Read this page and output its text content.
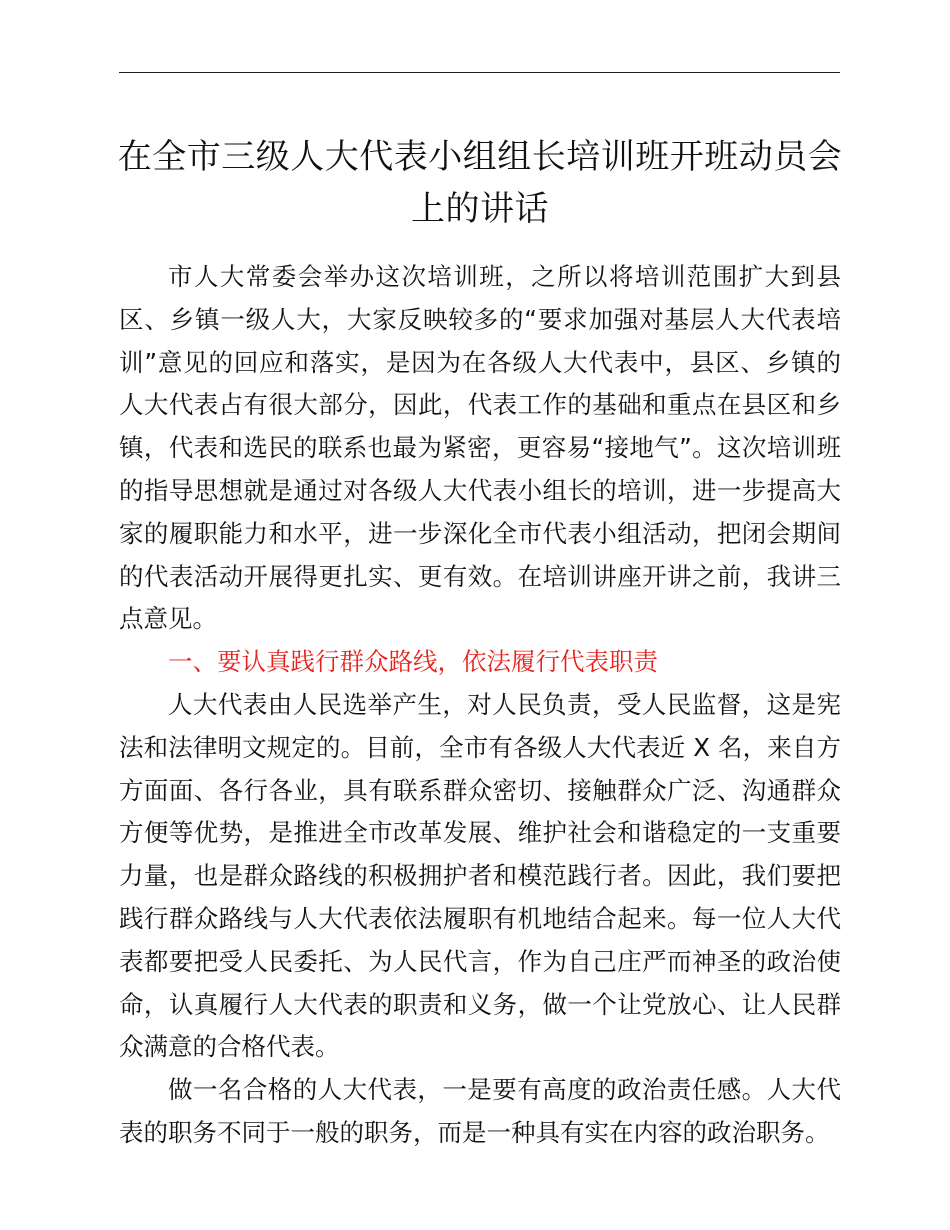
在全市三级人大代表小组组长培训班开班动员会上的讲话

市人大常委会举办这次培训班，之所以将培训范围扩大到县区、乡镇一级人大，大家反映较多的“要求加强对基层人大代表培训”意见的回应和落实，是因为在各级人大代表中，县区、乡镇的人大代表占有很大部分，因此，代表工作的基础和重点在县区和乡镇，代表和选民的联系也最为紧密，更容易“接地气”。这次培训班的指导思想就是通过对各级人大代表小组长的培训，进一步提高大家的履职能力和水平，进一步深化全市代表小组活动，把闭会期间的代表活动开展得更扎实、更有效。在培训讲座开讲之前，我讲三点意见。

一、要认真践行群众路线，依法履行代表职责

人大代表由人民选举产生，对人民负责，受人民监督，这是宪法和法律明文规定的。目前，全市有各级人大代表近 X 名，来自方方面面、各行各业，具有联系群众密切、接触群众广泛、沟通群众方便等优势，是推进全市改革发展、维护社会和谐稳定的一支重要力量，也是群众路线的积极拥护者和模范践行者。因此，我们要把践行群众路线与人大代表依法履职有机地结合起来。每一位人大代表都要把受人民委托、为人民代言，作为自己庄严而神圣的政治使命，认真履行人大代表的职责和义务，做一个让党放心、让人民群众满意的合格代表。

做一名合格的人大代表，一是要有高度的政治责任感。人大代表的职务不同于一般的职务，而是一种具有实在内容的政治职务。
